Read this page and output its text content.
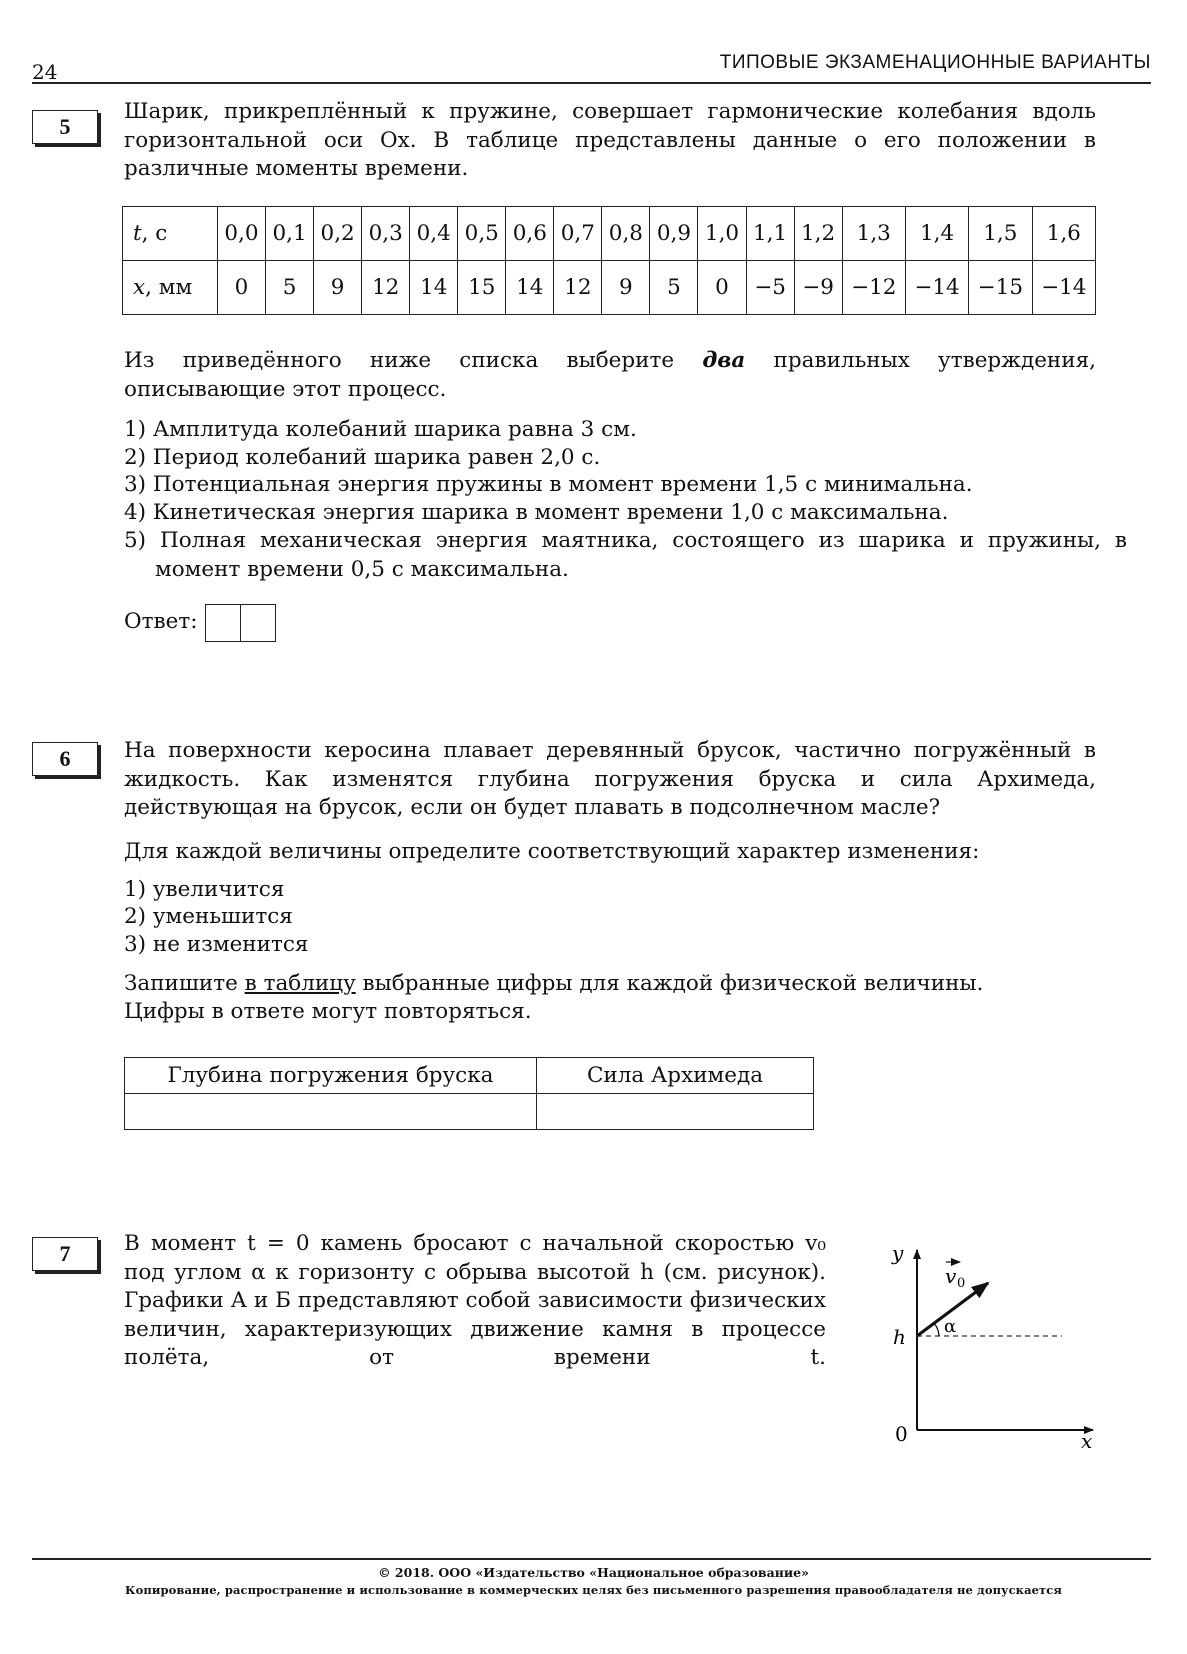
24	ТИПОВЫЕ ЭКЗАМЕНАЦИОННЫЕ ВАРИАНТЫ
5
Шарик, прикреплённый к пружине, совершает гармонические колебания вдоль горизонтальной оси Ox. В таблице представлены данные о его положении в различные моменты времени.
t, с	0,0	0,1	0,2	0,3	0,4	0,5	0,6	0,7	0,8	0,9	1,0	1,1	1,2	1,3	1,4	1,5	1,6
x, мм	0	5	9	12	14	15	14	12	9	5	0	−5	−9	−12	−14	−15	−14
Из приведённого ниже списка выберите два правильных утверждения, описывающие этот процесс.
1) Амплитуда колебаний шарика равна 3 см.
2) Период колебаний шарика равен 2,0 с.
3) Потенциальная энергия пружины в момент времени 1,5 с минимальна.
4) Кинетическая энергия шарика в момент времени 1,0 с максимальна.
5) Полная механическая энергия маятника, состоящего из шарика и пружины, в момент времени 0,5 с максимальна.
Ответ:
6	На поверхности керосина плавает деревянный брусок, частично погружённый в жидкость. Как изменятся глубина погружения бруска и сила Архимеда, действующая на брусок, если он будет плавать в подсолнечном масле?
Для каждой величины определите соответствующий характер изменения:
1) увеличится
2) уменьшится
3) не изменится
Запишите в таблицу выбранные цифры для каждой физической величины.
Цифры в ответе могут повторяться.
Глубина погружения бруска	Сила Архимеда

7	В момент t = 0 камень бросают с начальной скоростью v₀ под углом α к горизонту с обрыва высотой h (см. рисунок). Графики А и Б представляют собой зависимости физических величин, характеризующих движение камня в процессе полёта, от времени t.
y
x
0
h α
v 0
© 2018. ООО «Издательство «Национальное образование»
Копирование, распространение и использование в коммерческих целях без письменного разрешения правообладателя не допускается
